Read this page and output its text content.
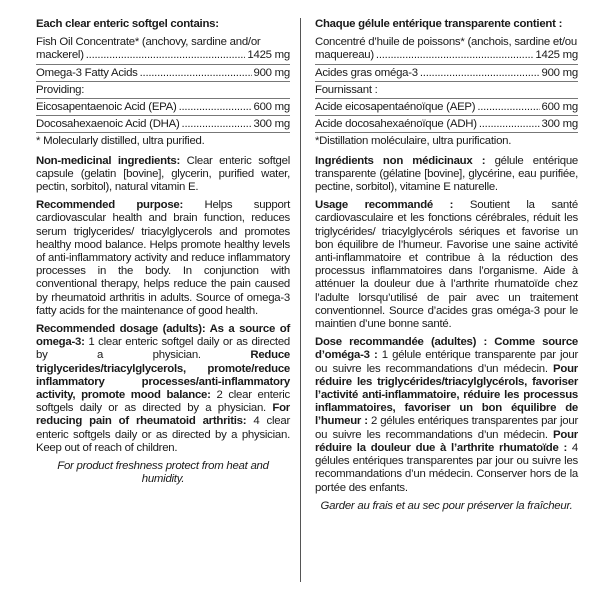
Each clear enteric softgel contains:
Fish Oil Concentrate* (anchovy, sardine and/or
mackerel) .....	1425 mg
Omega-3 Fatty Acids .....	900 mg
Providing:
Eicosapentaenoic Acid (EPA) .....	600 mg
Docosahexaenoic Acid (DHA) .....	300 mg
* Molecularly distilled, ultra purified.
Non-medicinal ingredients: Clear enteric softgel capsule (gelatin [bovine], glycerin, purified water, pectin, sorbitol), natural vitamin E.
Recommended purpose: Helps support cardiovascular health and brain function, reduces serum triglycerides/ triacylglycerols and promotes healthy mood balance. Helps promote healthy levels of anti-inflammatory activity and reduce inflammatory processes in the body. In conjunction with conventional therapy, helps reduce the pain caused by rheumatoid arthritis in adults. Source of omega-3 fatty acids for the maintenance of good health.
Recommended dosage (adults): As a source of omega-3: 1 clear enteric softgel daily or as directed by a physician. Reduce triglycerides/triacylglycerols, promote/reduce inflammatory processes/anti-inflammatory activity, promote mood balance: 2 clear enteric softgels daily or as directed by a physician. For reducing pain of rheumatoid arthritis: 4 clear enteric softgels daily or as directed by a physician. Keep out of reach of children.
For product freshness protect from heat and humidity.
Chaque gélule entérique transparente contient :
Concentré d’huile de poissons* (anchois, sardine et/ou
maquereau) .....	1425 mg
Acides gras oméga-3 .....	900 mg
Fournissant :
Acide eicosapentaénoïque (AEP) .....	600 mg
Acide docosahexaénoïque (ADH) .....	300 mg
*Distillation moléculaire, ultra purification.
Ingrédients non médicinaux : gélule entérique transparente (gélatine [bovine], glycérine, eau purifiée, pectine, sorbitol), vitamine E naturelle.
Usage recommandé : Soutient la santé cardiovasculaire et les fonctions cérébrales, réduit les triglycérides/ triacylglycérols sériques et favorise un bon équilibre de l’humeur. Favorise une saine activité anti-inflammatoire et contribue à la réduction des processus inflammatoires dans l’organisme. Aide à atténuer la douleur due à l’arthrite rhumatoïde chez l’adulte lorsqu’utilisé de pair avec un traitement conventionnel. Source d’acides gras oméga-3 pour le maintien d’une bonne santé.
Dose recommandée (adultes) : Comme source d’oméga-3 : 1 gélule entérique transparente par jour ou suivre les recommandations d’un médecin. Pour réduire les triglycérides/triacylglycérols, favoriser l’activité anti-inflammatoire, réduire les processus inflammatoires, favoriser un bon équilibre de l’humeur : 2 gélules entériques transparentes par jour ou suivre les recommandations d’un médecin. Pour réduire la douleur due à l’arthrite rhumatoïde : 4 gélules entériques transparentes par jour ou suivre les recommandations d’un médecin. Conserver hors de la portée des enfants.
Garder au frais et au sec pour préserver la fraîcheur.
